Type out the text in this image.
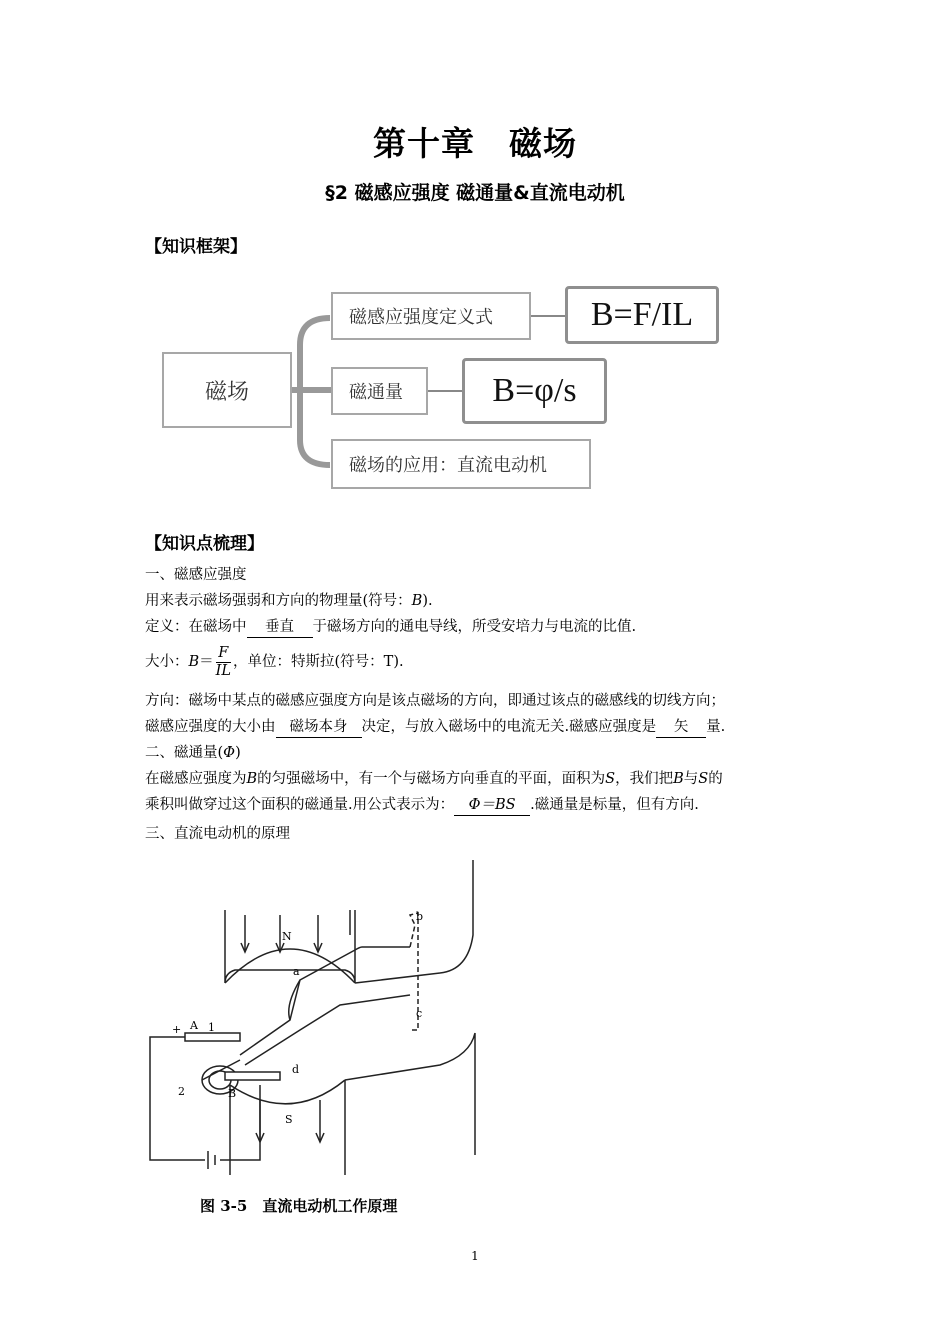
第十章　磁场
§2 磁感应强度 磁通量&直流电动机
【知识框架】
磁场
磁感应强度定义式	B=F/IL
磁通量	B=φ/s
磁场的应用：直流电动机
【知识点梳理】
一、磁感应强度
用来表示磁场强弱和方向的物理量(符号：B).
定义：在磁场中 垂直 于磁场方向的通电导线，所受安培力与电流的比值.
大小：$B= \frac{F}{IL}$ ，单位：特斯拉(符号：T).
方向：磁场中某点的磁感应强度方向是该点磁场的方向，即通过该点的磁感线的切线方向；
磁感应强度的大小由 磁场本身 决定，与放入磁场中的电流无关.磁感应强度是 矢 量.
二、磁通量(Φ)
在磁感应强度为B的匀强磁场中，有一个与磁场方向垂直的平面，面积为S，我们把B与S的
乘积叫做穿过这个面积的磁通量.用公式表示为： Φ＝BS .磁通量是标量，但有方向.
三、直流电动机的原理
N
S
a
b
c
d
A
B
1
2
+
图 3-5　直流电动机工作原理
1
